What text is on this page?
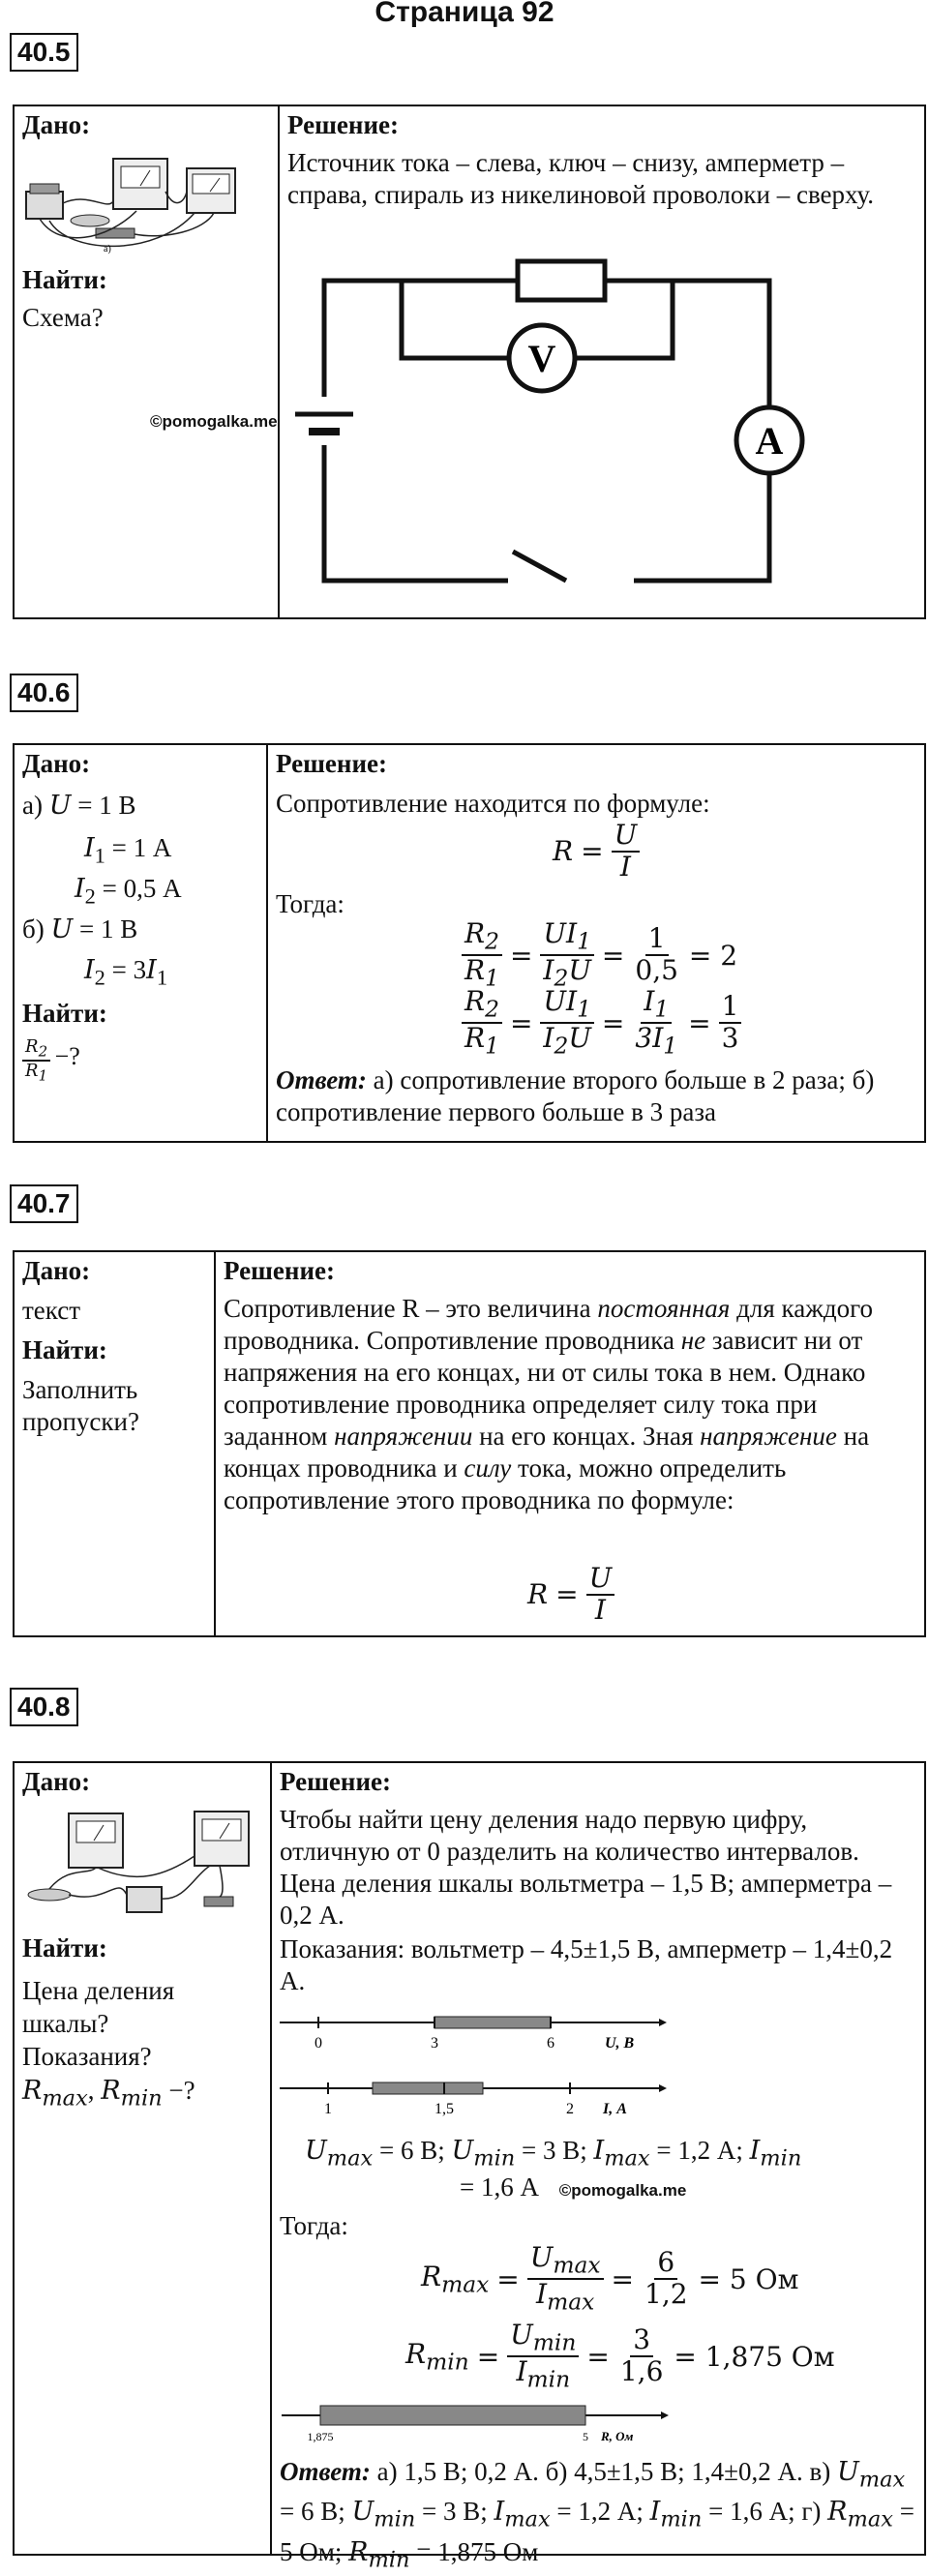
Страница 92
40.5
Дано:
а)
Найти:
Схема?
©pomogalka.me
Решение:
Источник тока – слева, ключ – снизу, амперметр – справа, спираль из никелиновой проволоки – сверху.
V
A
40.6
Дано:
а) U = 1 В
$I_1 = 1$ А
$I_2 = 0,5$ А
б) U = 1 В
$I_2 = 3I_1$
Найти:
$\frac{R_2}{R_1}$ −?
Решение:
Сопротивление находится по формуле:
$R = \frac{U}{I}$
Тогда:
$\frac{R_2}{R_1} = \frac{UI_1}{I_2U} = \frac{1}{0,5} = 2$
$\frac{R_2}{R_1} = \frac{UI_1}{I_2U} = \frac{I_1}{3I_1} = \frac{1}{3}$
Ответ: а) сопротивление второго больше в 2 раза; б) сопротивление первого больше в 3 раза
40.7
Дано:
текст
Найти:
Заполнить пропуски?
Решение:
Сопротивление R – это величина постоянная для каждого проводника. Сопротивление проводника не зависит ни от напряжения на его концах, ни от силы тока в нем. Однако сопротивление проводника определяет силу тока при заданном напряжении на его концах. Зная напряжение на концах проводника и силу тока, можно определить сопротивление этого проводника по формуле:
$R = \frac{U}{I}$
40.8
Дано:
Найти:
Цена деления шкалы? Показания?
$R_{max}$, $R_{min}$ −?
Решение:
Чтобы найти цену деления надо первую цифру, отличную от 0 разделить на количество интервалов. Цена деления шкалы вольтметра – 1,5 В; амперметра – 0,2 А.
Показания: вольтметр – 4,5±1,5 В, амперметр – 1,4±0,2 А.
0	3	6	U, В
1	1,5	2 I, А
$U_{max} = 6$ В; $U_{min} = 3$ В; $I_{max} = 1,2$ А; $I_{min}$
= 1,6 А ©pomogalka.me
Тогда:
$R_{max} = \frac{U_{max}}{I_{max}} = \frac{6}{1,2} = 5$ Ом
$R_{min} = \frac{U_{min}}{I_{min}} = \frac{3}{1,6} = 1,875$ Ом
1,875	5 R, Ом
Ответ: а) 1,5 В; 0,2 А. б) 4,5±1,5 В; 1,4±0,2 А. в) $U_{max} = 6$ В; $U_{min} = 3$ В; $I_{max} = 1,2$ А; $I_{min} = 1,6$ А; г) $R_{max} = 5$ Ом; $R_{min} = 1,875$ Ом
